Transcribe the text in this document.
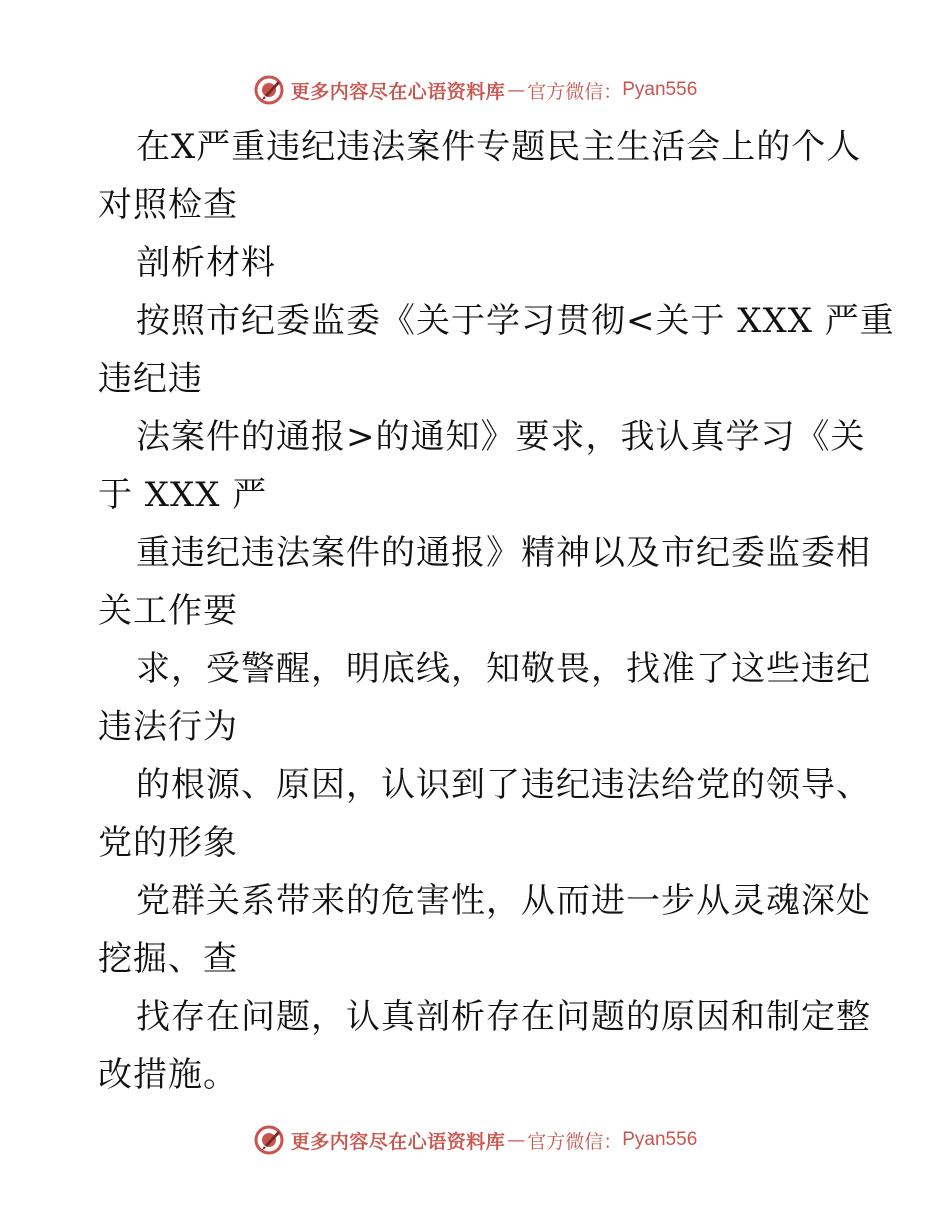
更多内容尽在心语资料库 — 官方微信： Pyan556
在X严重违纪违法案件专题民主生活会上的个人
对照检查
剖析材料
按照市纪委监委《关于学习贯彻<关于 XXX 严重
违纪违
法案件的通报>的通知》要求，我认真学习《关
于 XXX 严
重违纪违法案件的通报》精神以及市纪委监委相
关工作要
求，受警醒，明底线，知敬畏，找准了这些违纪
违法行为
的根源、原因，认识到了违纪违法给党的领导、
党的形象
党群关系带来的危害性，从而进一步从灵魂深处
挖掘、查
找存在问题，认真剖析存在问题的原因和制定整
改措施。
更多内容尽在心语资料库 — 官方微信： Pyan556
